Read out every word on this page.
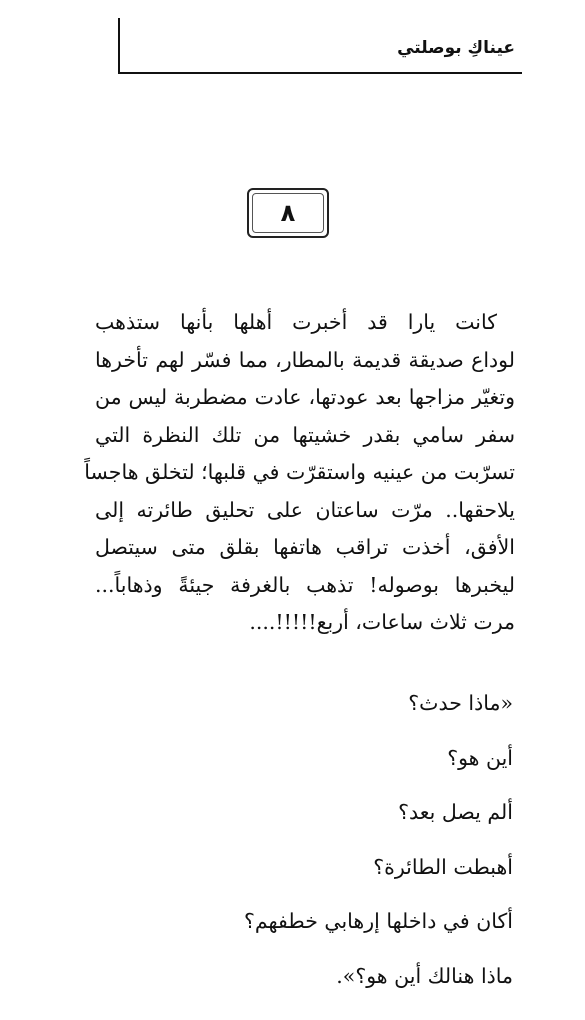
عيناكِ بوصلتي
٨
كانت يارا قد أخبرت أهلها بأنها ستذهب
لوداع صديقة قديمة بالمطار، مما فسّر لهم تأخرها
وتغيّر مزاجها بعد عودتها، عادت مضطربة ليس من
سفر سامي بقدر خشيتها من تلك النظرة التي
تسرّبت من عينيه واستقرّت في قلبها؛ لتخلق هاجساً
يلاحقها.. مرّت ساعتان على تحليق طائرته إلى
الأفق، أخذت تراقب هاتفها بقلق متى سيتصل
ليخبرها بوصوله! تذهب بالغرفة جيئةً وذهاباً...
مرت ثلاث ساعات، أربع!!!!!....
«ماذا حدث؟
أين هو؟
ألم يصل بعد؟
أهبطت الطائرة؟
أكان في داخلها إرهابي خطفهم؟
ماذا هنالك أين هو؟».
